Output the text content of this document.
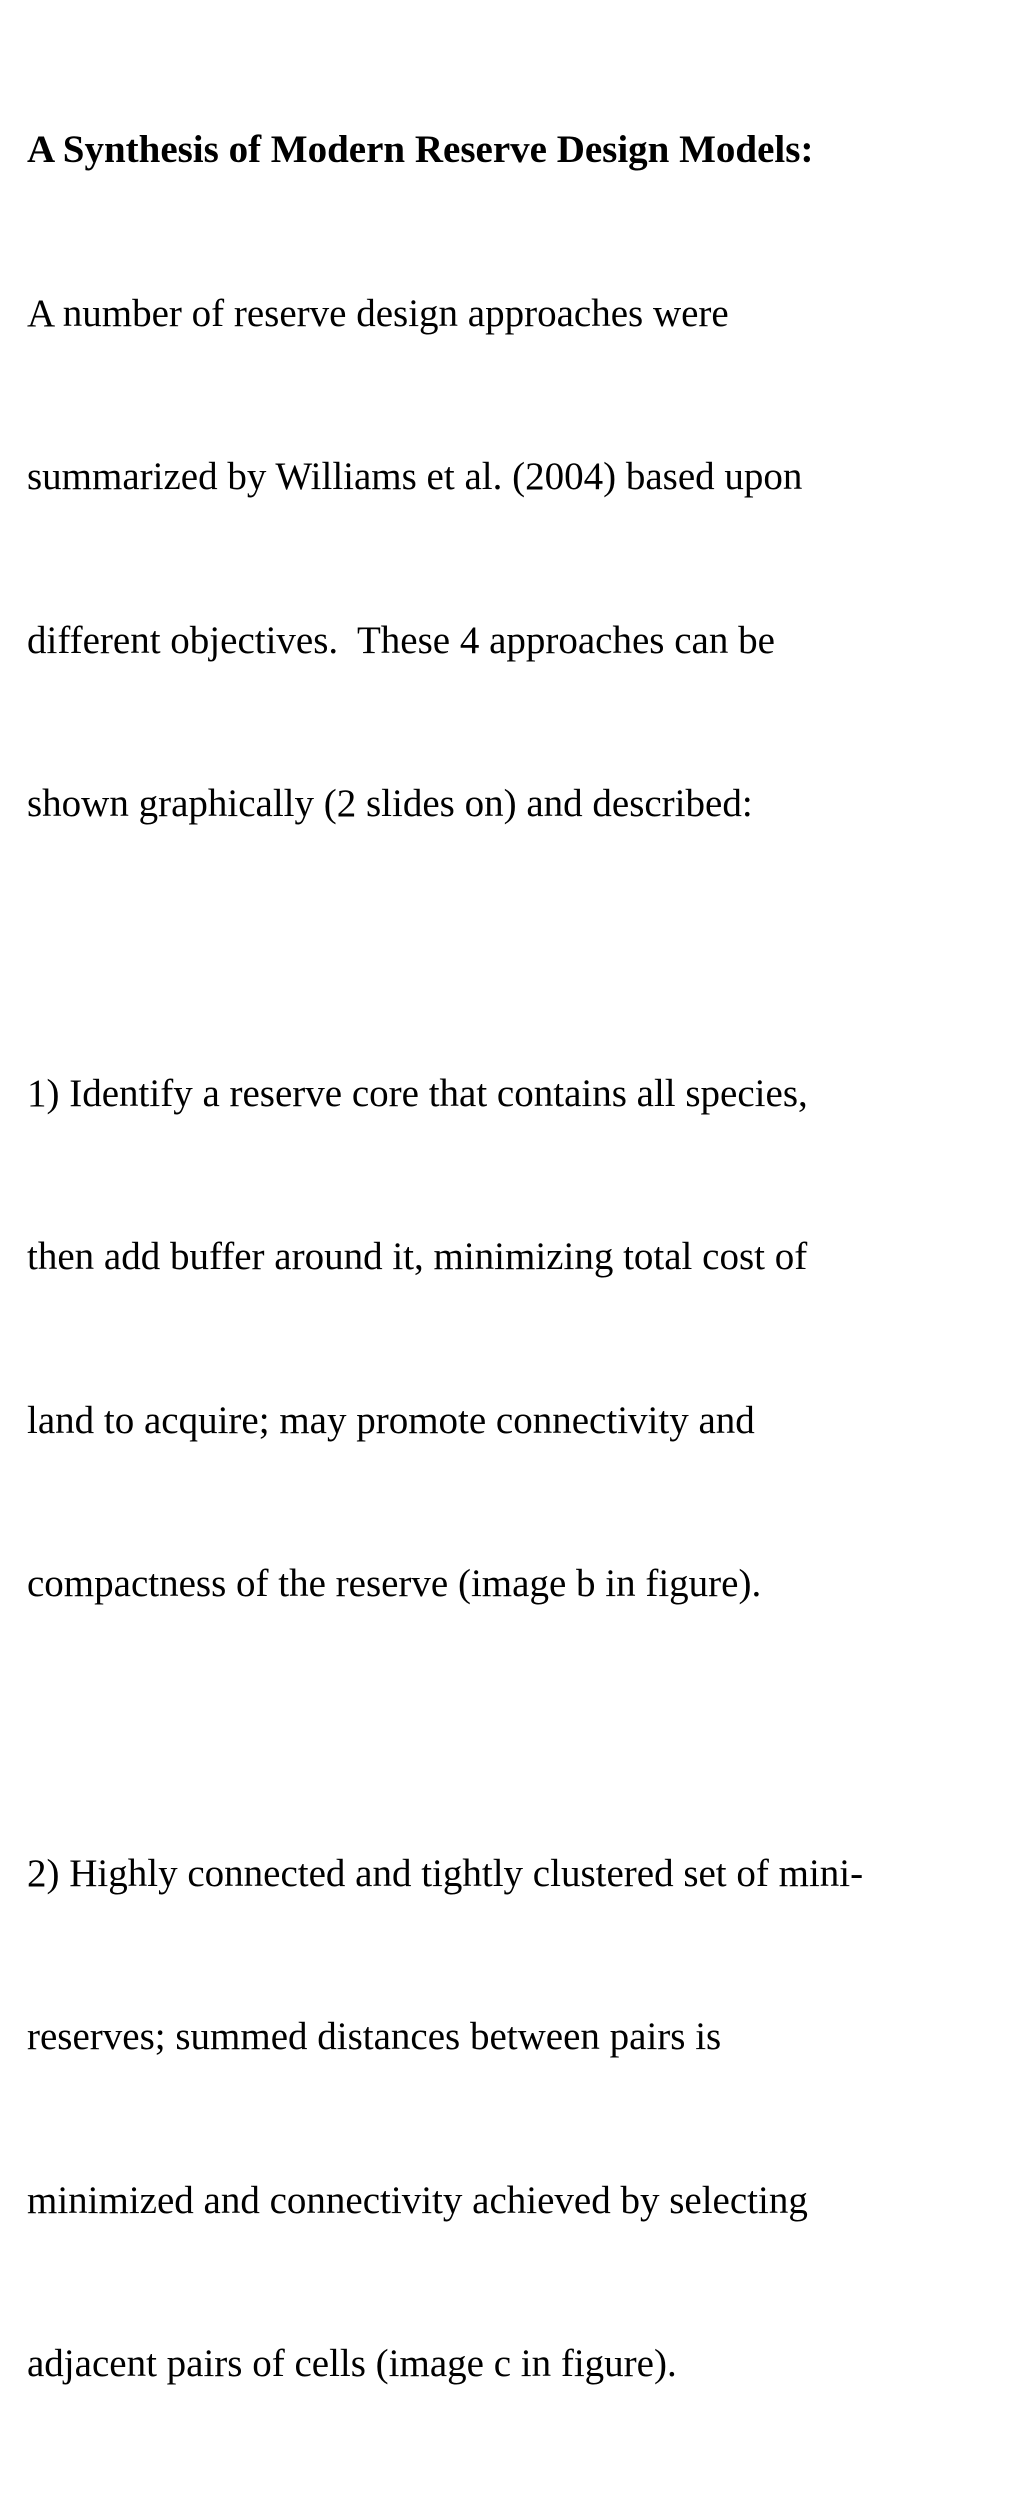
A Synthesis of Modern Reserve Design Models:

A number of reserve design approaches were

summarized by Williams et al. (2004) based upon

different objectives.  These 4 approaches can be

shown graphically (2 slides on) and described:

1) Identify a reserve core that contains all species,

then add buffer around it, minimizing total cost of

land to acquire; may promote connectivity and

compactness of the reserve (image b in figure).

2) Highly connected and tightly clustered set of mini-

reserves; summed distances between pairs is

minimized and connectivity achieved by selecting

adjacent pairs of cells (image c in figure).
